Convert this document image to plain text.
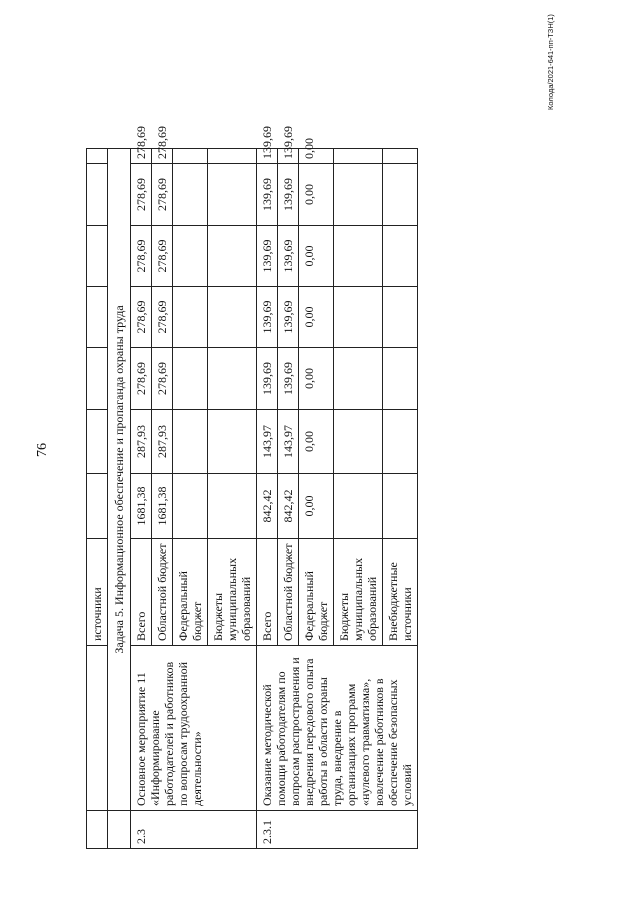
76
Колода/2021-641-пп-ТЗН(1)
		источники							
	Задача 5. Информационное обеспечение и пропаганда охраны труда								
2.3	Основное мероприятие 11 «Информирование работодателей и работников по вопросам трудоохранной деятельности»	Всего	1681,38	287,93	278,69	278,69	278,69	278,69	278,69
		Областной бюджет	1681,38	287,93	278,69	278,69	278,69	278,69	278,69
		Федеральный бюджет							
		Бюджеты муниципальных образований							
2.3.1	Оказание методической помощи работодателям по вопросам распространения и внедрения передового опыта работы в области охраны труда, внедрение в организациях программ «нулевого травматизма», вовлечение работников в обеспечение безопасных условий	Всего	842,42	143,97	139,69	139,69	139,69	139,69	139,69
		Областной бюджет	842,42	143,97	139,69	139,69	139,69	139,69	139,69
		Федеральный бюджет	0,00	0,00	0,00	0,00	0,00	0,00	0,00
		Бюджеты муниципальных образований							
		Внебюджетные источники							
